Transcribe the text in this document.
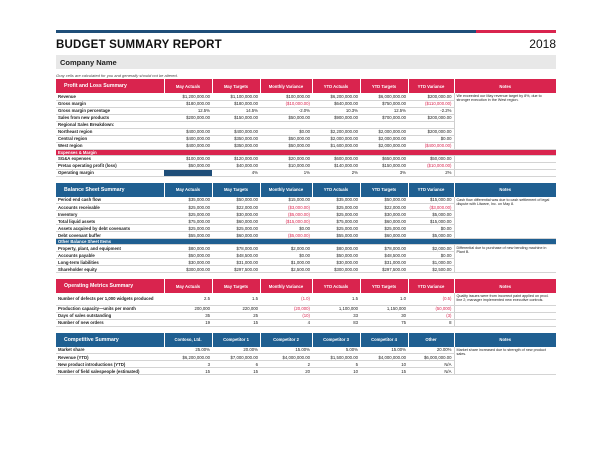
BUDGET SUMMARY REPORT	2018
Company Name
Gray cells are calculated for you and generally should not be altered.
Profit and Loss Summary	May Actuals	May Targets	Monthly Variance	YTD Actuals	YTD Targets	YTD Variance	Notes
Revenue	$1,200,000.00	$1,100,000.00	$100,000.00	$6,200,000.00	$6,000,000.00	$200,000.00	We exceeded our May revenue target by 8%, due to stronger execution in the West region.
Gross margin	$180,000.00	$180,000.00	($10,000.00)	$640,000.00	$750,000.00	($110,000.00)	
Gross margin percentage	12.5%	14.5%	-2.0%	10.3%	12.5%	-2.2%	
Sales from new products	$200,000.00	$150,000.00	$50,000.00	$900,000.00	$700,000.00	$200,000.00	
Regional Sales Breakdown:							
Northeast region	$400,000.00	$400,000.00	$0.00	$2,200,000.00	$2,000,000.00	$200,000.00	
Central region	$400,000.00	$350,000.00	$50,000.00	$2,000,000.00	$2,000,000.00	$0.00	
West region	$400,000.00	$350,000.00	$50,000.00	$1,600,000.00	$2,000,000.00	($400,000.00)	
Expenses & Margin							
SG&A expenses	$100,000.00	$120,000.00	$20,000.00	$600,000.00	$650,000.00	$50,000.00	
Pretax operating profit (loss)	$50,000.00	$40,000.00	$10,000.00	$140,000.00	$150,000.00	($10,000.00)	
Operating margin		4%	1%	2%	3%	2%	
Balance Sheet Summary	May Actuals	May Targets	Monthly Variance	YTD Actuals	YTD Targets	YTD Variance	Notes
Period end cash flow	$35,000.00	$50,000.00	$15,000.00	$35,000.00	$50,000.00	$15,000.00	Cash flow differential was due to cash settlement of legal dispute with Litware, Inc. on May 8.
Accounts receivable	$25,000.00	$22,000.00	($3,000.00)	$25,000.00	$22,000.00	($3,000.00)	
Inventory	$25,000.00	$30,000.00	($5,000.00)	$25,000.00	$30,000.00	$5,000.00	
Total liquid assets	$75,000.00	$60,000.00	($15,000.00)	$75,000.00	$60,000.00	$15,000.00	
Assets acquired by debt covenants	$25,000.00	$25,000.00	$0.00	$25,000.00	$25,000.00	$0.00	
Debt covenant buffer	$55,000.00	$60,000.00	($5,000.00)	$55,000.00	$60,000.00	$5,000.00	
Other Balance Sheet Items							
Property, plant, and equipment	$80,000.00	$78,000.00	$2,000.00	$80,000.00	$78,000.00	$2,000.00	Differential due to purchase of new bending machine in Plant B.
Accounts payable	$50,000.00	$48,500.00	$0.00	$50,000.00	$48,500.00	$0.00	
Long-term liabilities	$30,000.00	$31,000.00	$1,000.00	$30,000.00	$31,000.00	$1,000.00	
Shareholder equity	$300,000.00	$297,500.00	$2,500.00	$300,000.00	$297,500.00	$2,500.00	
Operating Metrics Summary	May Actuals	May Targets	Monthly Variance	YTD Actuals	YTD Targets	YTD Variance	Notes
Number of defects per 1,000 widgets produced	2.5	1.5	(1.0)	1.5	1.0	(0.5)	Quality issues were from incorrect paint applied on prod. line 2; manager implemented new executive controls.
Production capacity—units per month	200,000	220,000	(20,000)	1,100,000	1,150,000	(50,000)	
Days of sales outstanding	35	25	(10)	33	30	(3)	
Number of new orders	19	15	4	83	75	8	
Competitive Summary	Contoso, Ltd.	Competitor 1	Competitor 2	Competitor 3	Competitor 4	Other	Notes
Market share	25.00%	20.00%	15.00%	5.00%	15.00%	20.00%	Market share increased due to strength of new product sales.
Revenue (YTD)	$6,200,000.00	$7,000,000.00	$4,000,000.00	$1,500,000.00	$4,000,000.00	$6,000,000.00	
New product introductions (YTD)	3	6	2	5	10	N/A	
Number of field salespeople (estimated)	15	15	20	10	15	N/A	
